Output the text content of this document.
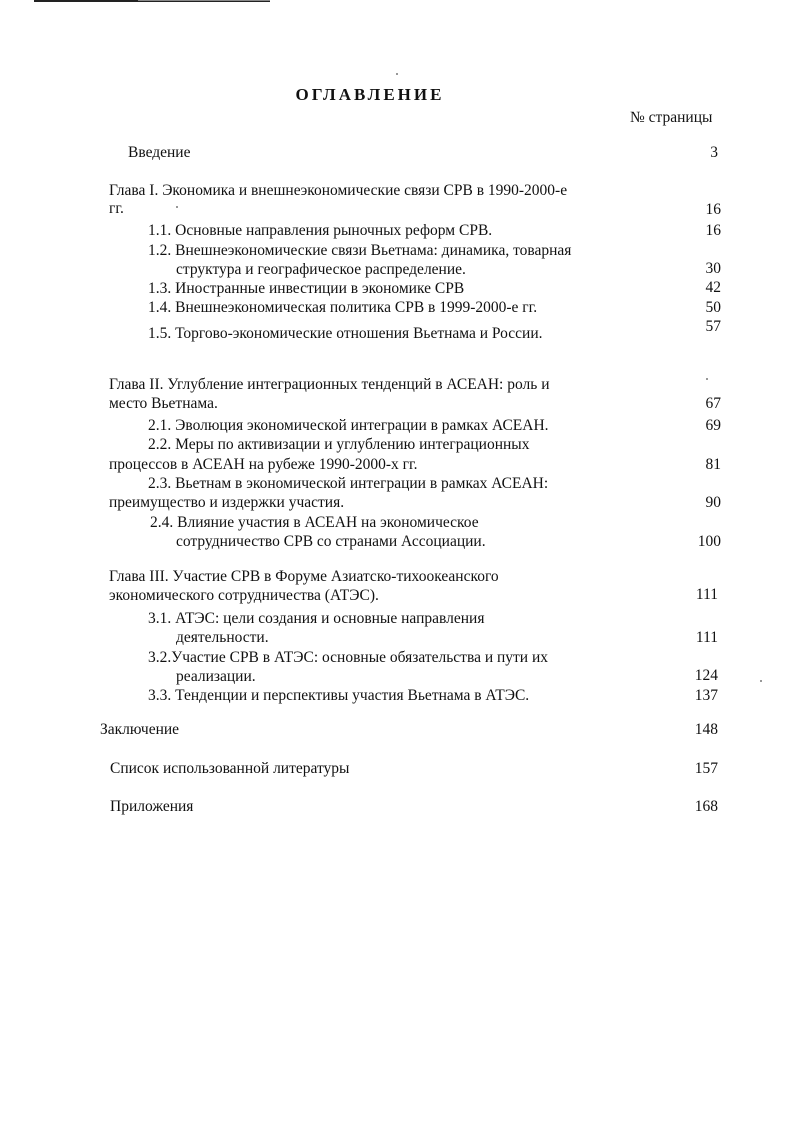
ОГЛАВЛЕНИЕ
№ страницы
Введение	3
Глава I. Экономика и внешнеэкономические связи СРВ в 1990-2000-е
гг.	16
1.1. Основные направления рыночных реформ СРВ.	16
1.2. Внешнеэкономические связи Вьетнама: динамика, товарная
структура и географическое распределение.	30
1.3. Иностранные инвестиции в экономике СРВ	42
1.4. Внешнеэкономическая политика СРВ в 1999-2000-е гг.	50
1.5. Торгово-экономические отношения Вьетнама и России.	57
Глава II. Углубление интеграционных тенденций в АСЕАН: роль и
место Вьетнама.	67
2.1. Эволюция экономической интеграции в рамках АСЕАН.	69
2.2. Меры по активизации и углублению интеграционных
процессов в АСЕАН на рубеже 1990-2000-х гг.	81
2.3. Вьетнам в экономической интеграции в рамках АСЕАН:
преимущество и издержки участия.	90
2.4. Влияние участия в АСЕАН на экономическое
сотрудничество СРВ со странами Ассоциации.	100
Глава III. Участие СРВ в Форуме Азиатско-тихоокеанского
экономического сотрудничества (АТЭС).	111
3.1. АТЭС: цели создания и основные направления
деятельности.	111
3.2.Участие СРВ в АТЭС: основные обязательства и пути их
реализации.	124
3.3. Тенденции и перспективы участия Вьетнама в АТЭС.	137
Заключение	148
Список использованной литературы	157
Приложения	168
